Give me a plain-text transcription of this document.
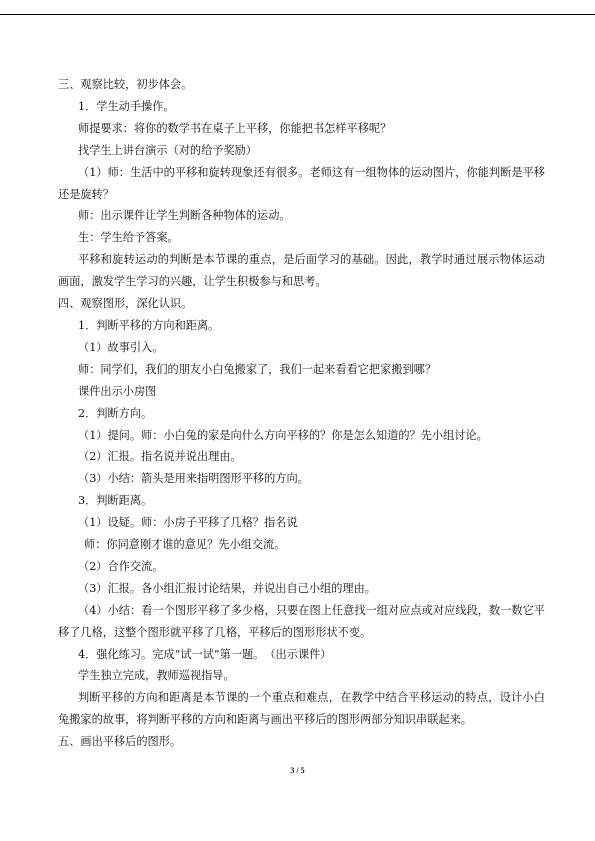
三、观察比较，初步体会。
1．学生动手操作。
师提要求：将你的数学书在桌子上平移，你能把书怎样平移呢？
找学生上讲台演示（对的给予奖励）
（1）师：生活中的平移和旋转现象还有很多。老师这有一组物体的运动图片，你能判断是平移还是旋转？
师：出示课件让学生判断各种物体的运动。
生：学生给予答案。
平移和旋转运动的判断是本节课的重点，是后面学习的基础。因此，教学时通过展示物体运动画面，激发学生学习的兴趣，让学生积极参与和思考。
四、观察图形，深化认识。
1．判断平移的方向和距离。
（1）故事引入。
师：同学们，我们的朋友小白兔搬家了，我们一起来看看它把家搬到哪？
课件出示小房图
2．判断方向。
（1）提问。师：小白兔的家是向什么方向平移的？你是怎么知道的？先小组讨论。
（2）汇报。指名说并说出理由。
（3）小结：箭头是用来指明图形平移的方向。
3．判断距离。
（1）设疑。师：小房子平移了几格？指名说
师：你同意刚才谁的意见？先小组交流。
（2）合作交流。
（3）汇报。各小组汇报讨论结果，并说出自己小组的理由。
（4）小结：看一个图形平移了多少格，只要在图上任意找一组对应点或对应线段，数一数它平移了几格，这整个图形就平移了几格，平移后的图形形状不变。
4．强化练习。完成“试一试”第一题。　（出示课件）
学生独立完成，教师巡视指导。
判断平移的方向和距离是本节课的一个重点和难点，在教学中结合平移运动的特点，设计小白兔搬家的故事，将判断平移的方向和距离与画出平移后的图形两部分知识串联起来。
五、画出平移后的图形。
3 / 5
